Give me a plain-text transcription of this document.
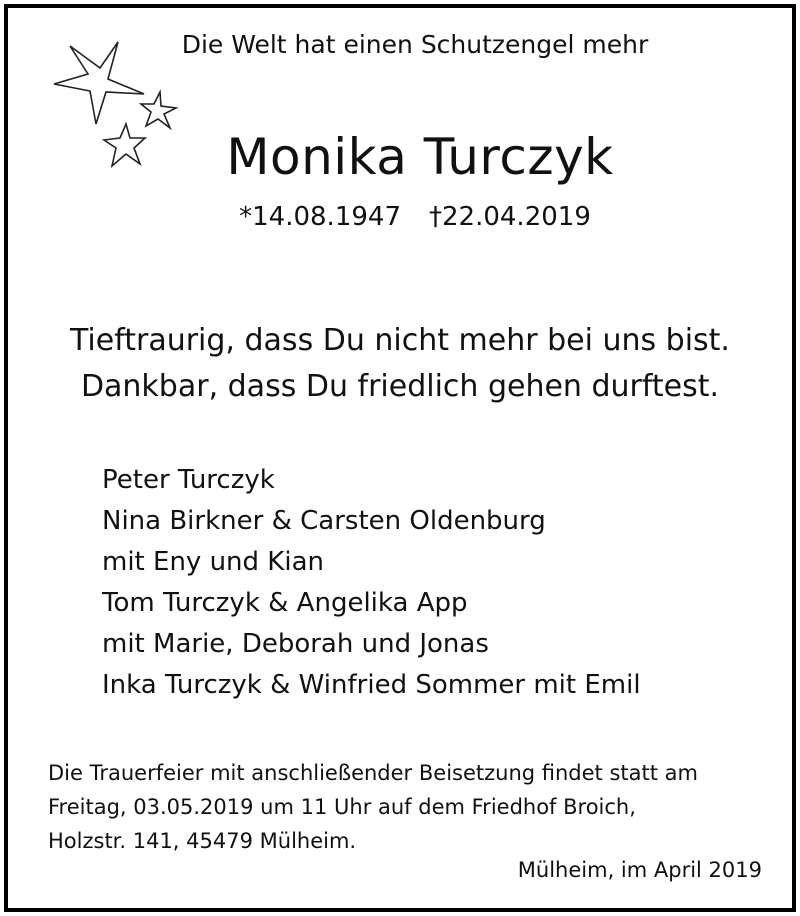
Die Welt hat einen Schutzengel mehr
Monika Turczyk
*14.08.1947 †22.04.2019
Tieftraurig, dass Du nicht mehr bei uns bist.
Dankbar, dass Du friedlich gehen durftest.
Peter Turczyk
Nina Birkner & Carsten Oldenburg
mit Eny und Kian
Tom Turczyk & Angelika App
mit Marie, Deborah und Jonas
Inka Turczyk & Winfried Sommer mit Emil
Die Trauerfeier mit anschließender Beisetzung findet statt am
Freitag, 03.05.2019 um 11 Uhr auf dem Friedhof Broich,
Holzstr. 141, 45479 Mülheim.
Mülheim, im April 2019
